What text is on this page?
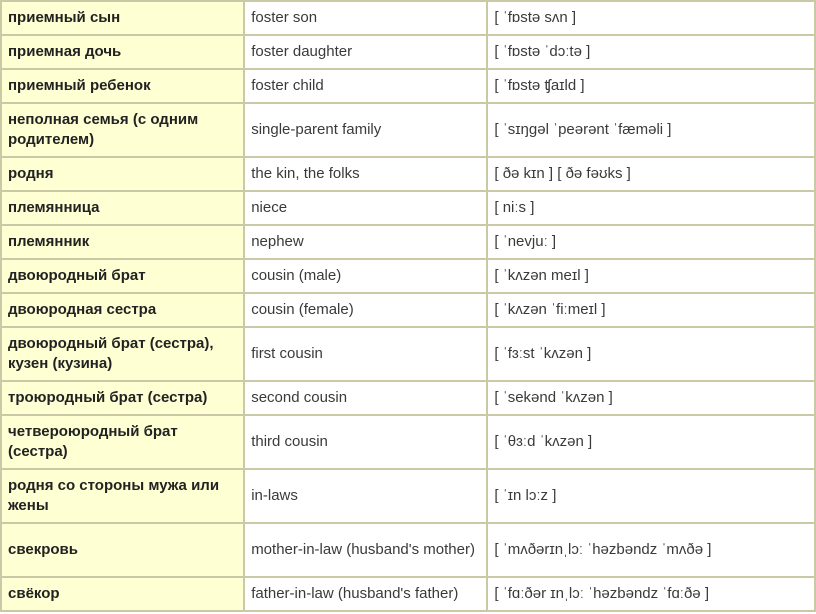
приемный сын	foster son	[ ˈfɒstə sʌn ]
приемная дочь	foster daughter	[ ˈfɒstə ˈdɔːtə ]
приемный ребенок	foster child	[ ˈfɒstə ʧaɪld ]
неполная семья (с одним родителем)	single-parent family	[ ˈsɪŋgəl ˈpeərənt ˈfæməli ]
родня	the kin, the folks	[ ðə kɪn ] [ ðə fəʊks ]
племянница	niece	[ niːs ]
племянник	nephew	[ ˈnevjuː ]
двоюродный брат	cousin (male)	[ ˈkʌzən meɪl ]
двоюродная сестра	cousin (female)	[ ˈkʌzən ˈfiːmeɪl ]
двоюродный брат (сестра), кузен (кузина)	first cousin	[ ˈfɜːst ˈkʌzən ]
троюродный брат (сестра)	second cousin	[ ˈsekənd ˈkʌzən ]
четвероюродный брат (сестра)	third cousin	[ ˈθɜːd ˈkʌzən ]
родня со стороны мужа или жены	in-laws	[ ˈɪn lɔːz ]
свекровь	mother-in-law (husband's mother)	[ ˈmʌðərɪnˌlɔː ˈhəzbəndz ˈmʌðə ]
свёкор	father-in-law (husband's father)	[ ˈfɑːðər ɪnˌlɔː ˈhəzbəndz ˈfɑːðə ]
